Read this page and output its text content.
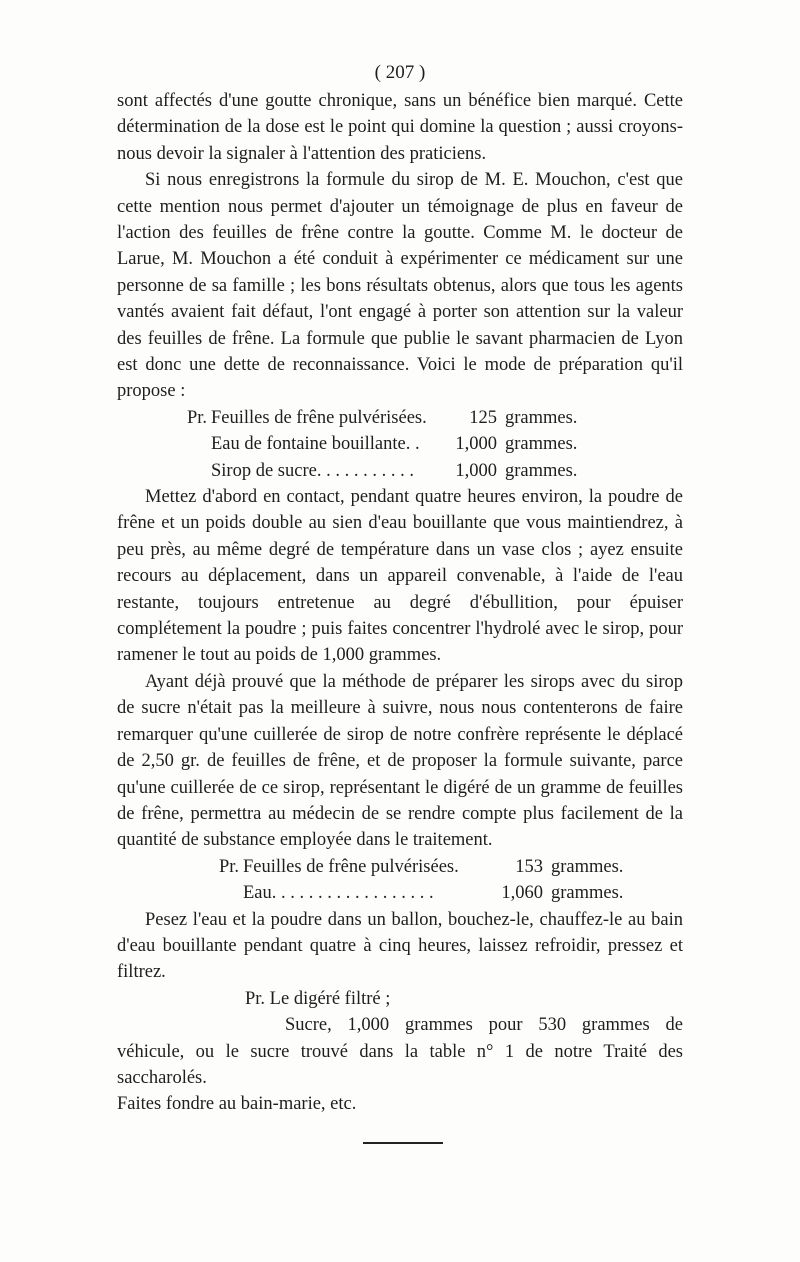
( 207 )

sont affectés d'une goutte chronique, sans un bénéfice bien marqué. Cette détermination de la dose est le point qui domine la question ; aussi croyons-nous devoir la signaler à l'attention des praticiens.

Si nous enregistrons la formule du sirop de M. E. Mouchon, c'est que cette mention nous permet d'ajouter un témoignage de plus en faveur de l'action des feuilles de frêne contre la goutte. Comme M. le docteur de Larue, M. Mouchon a été conduit à expérimenter ce médicament sur une personne de sa famille ; les bons résultats obtenus, alors que tous les agents vantés avaient fait défaut, l'ont engagé à porter son attention sur la valeur des feuilles de frêne. La formule que publie le savant pharmacien de Lyon est donc une dette de reconnaissance. Voici le mode de préparation qu'il propose :

Pr. Feuilles de frêne pulvérisées.	125 grammes.
Eau de fontaine bouillante. .	1,000 grammes.
Sirop de sucre. . . . . . . . . . .	1,000 grammes.

Mettez d'abord en contact, pendant quatre heures environ, la poudre de frêne et un poids double au sien d'eau bouillante que vous maintiendrez, à peu près, au même degré de température dans un vase clos ; ayez ensuite recours au déplacement, dans un appareil convenable, à l'aide de l'eau restante, toujours entretenue au degré d'ébullition, pour épuiser complétement la poudre ; puis faites concentrer l'hydrolé avec le sirop, pour ramener le tout au poids de 1,000 grammes.

Ayant déjà prouvé que la méthode de préparer les sirops avec du sirop de sucre n'était pas la meilleure à suivre, nous nous contenterons de faire remarquer qu'une cuillerée de sirop de notre confrère représente le déplacé de 2,50 gr. de feuilles de frêne, et de proposer la formule suivante, parce qu'une cuillerée de ce sirop, représentant le digéré de un gramme de feuilles de frêne, permettra au médecin de se rendre compte plus facilement de la quantité de substance employée dans le traitement.

Pr. Feuilles de frêne pulvérisées.	153 grammes.
Eau. . . . . . . . . . . . . . . . . .	1,060 grammes.

Pesez l'eau et la poudre dans un ballon, bouchez-le, chauffez-le au bain d'eau bouillante pendant quatre à cinq heures, laissez refroidir, pressez et filtrez.

Pr. Le digéré filtré ;

Sucre, 1,000 grammes pour 530 grammes de véhicule, ou le sucre trouvé dans la table n° 1 de notre Traité des saccharolés.

Faites fondre au bain-marie, etc.
